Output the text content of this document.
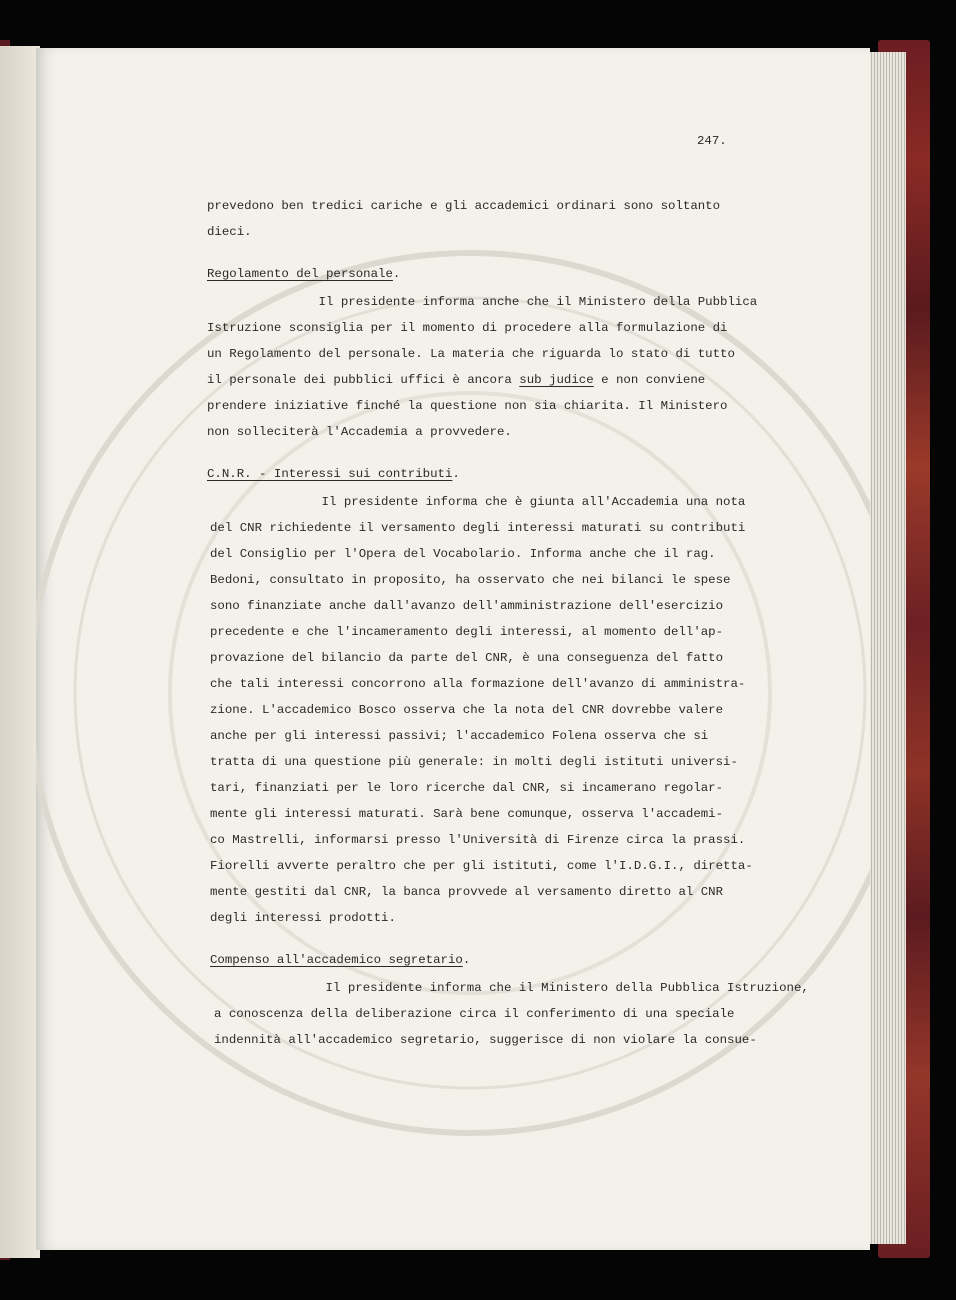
247.
prevedono ben tredici cariche e gli accademici ordinari sono soltanto
dieci.
Regolamento del personale.
Il presidente informa anche che il Ministero della Pubblica
Istruzione sconsiglia per il momento di procedere alla formulazione di
un Regolamento del personale. La materia che riguarda lo stato di tutto
il personale dei pubblici uffici è ancora sub judice e non conviene
prendere iniziative finché la questione non sia chiarita. Il Ministero
non solleciterà l'Accademia a provvedere.
C.N.R. - Interessi sui contributi.
Il presidente informa che è giunta all'Accademia una nota
del CNR richiedente il versamento degli interessi maturati su contributi
del Consiglio per l'Opera del Vocabolario. Informa anche che il rag.
Bedoni, consultato in proposito, ha osservato che nei bilanci le spese
sono finanziate anche dall'avanzo dell'amministrazione dell'esercizio
precedente e che l'incameramento degli interessi, al momento dell'ap-
provazione del bilancio da parte del CNR, è una conseguenza del fatto
che tali interessi concorrono alla formazione dell'avanzo di amministra-
zione. L'accademico Bosco osserva che la nota del CNR dovrebbe valere
anche per gli interessi passivi; l'accademico Folena osserva che si
tratta di una questione più generale: in molti degli istituti universi-
tari, finanziati per le loro ricerche dal CNR, si incamerano regolar-
mente gli interessi maturati. Sarà bene comunque, osserva l'accademi-
co Mastrelli, informarsi presso l'Università di Firenze circa la prassi.
Fiorelli avverte peraltro che per gli istituti, come l'I.D.G.I., diretta-
mente gestiti dal CNR, la banca provvede al versamento diretto al CNR
degli interessi prodotti.
Compenso all'accademico segretario.
Il presidente informa che il Ministero della Pubblica Istruzione,
a conoscenza della deliberazione circa il conferimento di una speciale
indennità all'accademico segretario, suggerisce di non violare la consue-
